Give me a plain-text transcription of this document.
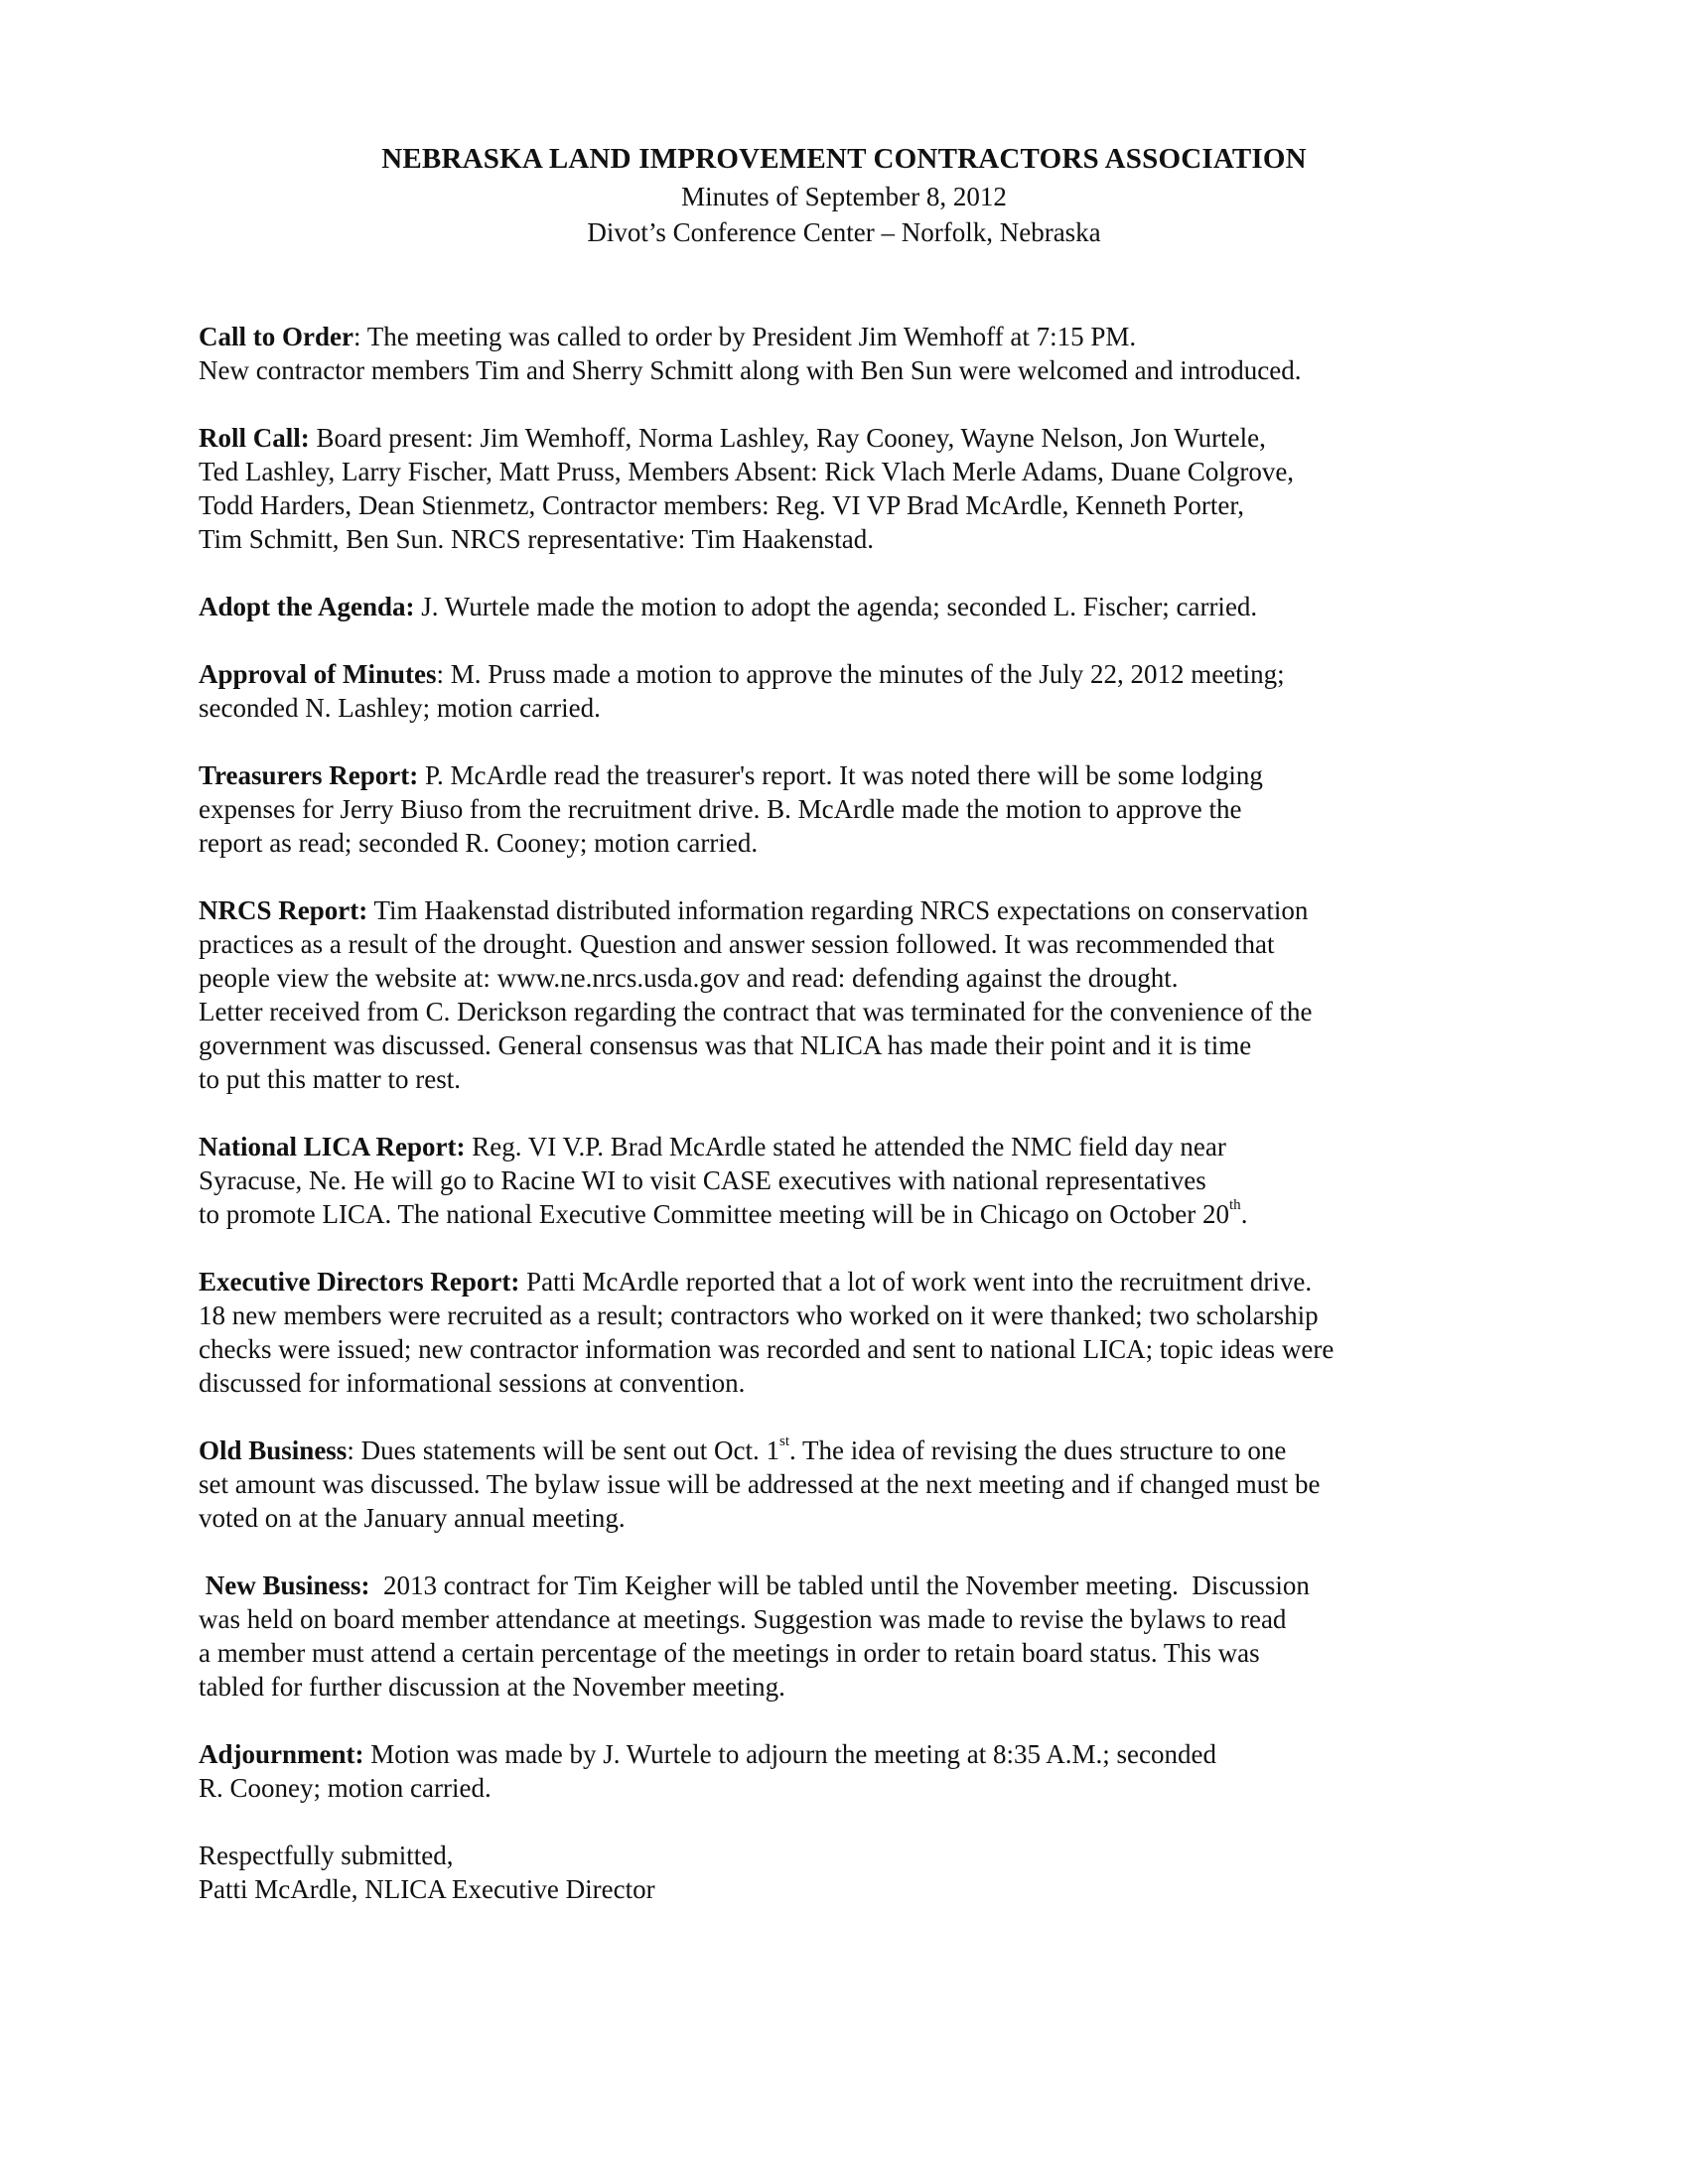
NEBRASKA LAND IMPROVEMENT CONTRACTORS ASSOCIATION
Minutes of September 8, 2012
Divot’s Conference Center – Norfolk, Nebraska
Call to Order: The meeting was called to order by President Jim Wemhoff at 7:15 PM.
New contractor members Tim and Sherry Schmitt along with Ben Sun were welcomed and introduced.
Roll Call: Board present: Jim Wemhoff, Norma Lashley, Ray Cooney, Wayne Nelson, Jon Wurtele,
Ted Lashley, Larry Fischer, Matt Pruss, Members Absent: Rick Vlach Merle Adams, Duane Colgrove,
Todd Harders, Dean Stienmetz, Contractor members: Reg. VI VP Brad McArdle, Kenneth Porter,
Tim Schmitt, Ben Sun. NRCS representative: Tim Haakenstad.
Adopt the Agenda: J. Wurtele made the motion to adopt the agenda; seconded L. Fischer; carried.
Approval of Minutes: M. Pruss made a motion to approve the minutes of the July 22, 2012 meeting;
seconded N. Lashley; motion carried.
Treasurers Report: P. McArdle read the treasurer's report. It was noted there will be some lodging
expenses for Jerry Biuso from the recruitment drive. B. McArdle made the motion to approve the
report as read; seconded R. Cooney; motion carried.
NRCS Report: Tim Haakenstad distributed information regarding NRCS expectations on conservation
practices as a result of the drought. Question and answer session followed. It was recommended that
people view the website at: www.ne.nrcs.usda.gov and read: defending against the drought.
Letter received from C. Derickson regarding the contract that was terminated for the convenience of the
government was discussed. General consensus was that NLICA has made their point and it is time
to put this matter to rest.
National LICA Report: Reg. VI V.P. Brad McArdle stated he attended the NMC field day near
Syracuse, Ne. He will go to Racine WI to visit CASE executives with national representatives
to promote LICA. The national Executive Committee meeting will be in Chicago on October 20th.
Executive Directors Report: Patti McArdle reported that a lot of work went into the recruitment drive.
18 new members were recruited as a result; contractors who worked on it were thanked; two scholarship
checks were issued; new contractor information was recorded and sent to national LICA; topic ideas were
discussed for informational sessions at convention.
Old Business: Dues statements will be sent out Oct. 1st. The idea of revising the dues structure to one
set amount was discussed. The bylaw issue will be addressed at the next meeting and if changed must be
voted on at the January annual meeting.
New Business:  2013 contract for Tim Keigher will be tabled until the November meeting.  Discussion
was held on board member attendance at meetings. Suggestion was made to revise the bylaws to read
a member must attend a certain percentage of the meetings in order to retain board status. This was
tabled for further discussion at the November meeting.
Adjournment: Motion was made by J. Wurtele to adjourn the meeting at 8:35 A.M.; seconded
R. Cooney; motion carried.
Respectfully submitted,
Patti McArdle, NLICA Executive Director
